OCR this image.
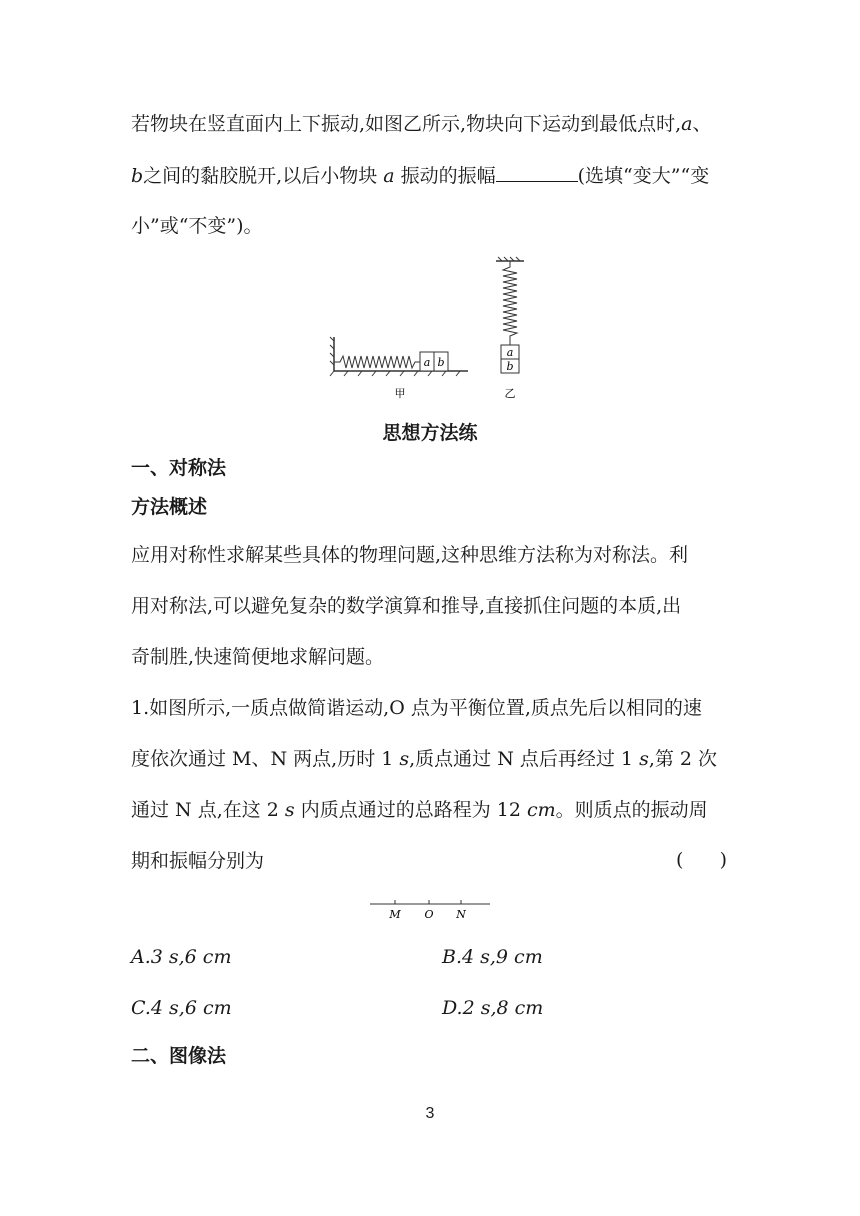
若物块在竖直面内上下振动,如图乙所示,物块向下运动到最低点时,a、
b之间的黏胶脱开,以后小物块 a 振动的振幅	(选填“变大”“变
小”或“不变”)。
a b
甲
a
b
乙
思想方法练
一、对称法
方法概述
应用对称性求解某些具体的物理问题,这种思维方法称为对称法。利
用对称法,可以避免复杂的数学演算和推导,直接抓住问题的本质,出
奇制胜,快速简便地求解问题。
1.如图所示,一质点做简谐运动,O 点为平衡位置,质点先后以相同的速
度依次通过 M、N 两点,历时 1 s,质点通过 N 点后再经过 1 s,第 2 次
通过 N 点,在这 2 s 内质点通过的总路程为 12 cm。则质点的振动周
期和振幅分别为	(      )
M O N
A.3 s,6 cm	B.4 s,9 cm
C.4 s,6 cm	D.2 s,8 cm
二、图像法
3
